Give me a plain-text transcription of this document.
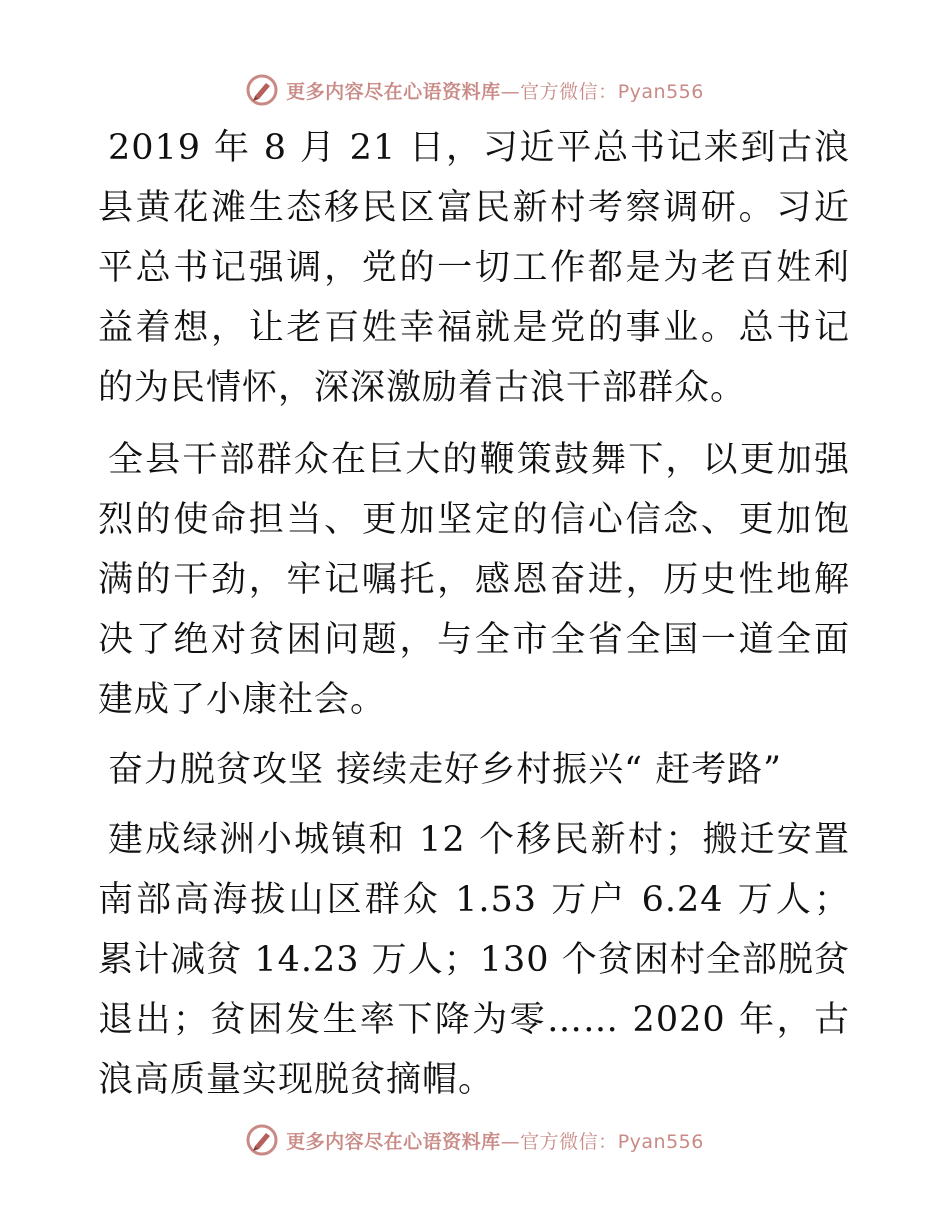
更多内容尽在心语资料库—官方微信：Pyan556

2019 年 8 月 21 日，习近平总书记来到古浪县黄花滩生态移民区富民新村考察调研。习近平总书记强调，党的一切工作都是为老百姓利益着想，让老百姓幸福就是党的事业。总书记的为民情怀，深深激励着古浪干部群众。

全县干部群众在巨大的鞭策鼓舞下，以更加强烈的使命担当、更加坚定的信心信念、更加饱满的干劲，牢记嘱托，感恩奋进，历史性地解决了绝对贫困问题，与全市全省全国一道全面建成了小康社会。

奋力脱贫攻坚 接续走好乡村振兴“ 赶考路”

建成绿洲小城镇和 12 个移民新村；搬迁安置南部高海拔山区群众 1.53 万户 6.24 万人；累计减贫 14.23 万人；130 个贫困村全部脱贫退出；贫困发生率下降为零…… 2020 年，古浪高质量实现脱贫摘帽。

更多内容尽在心语资料库—官方微信：Pyan556
